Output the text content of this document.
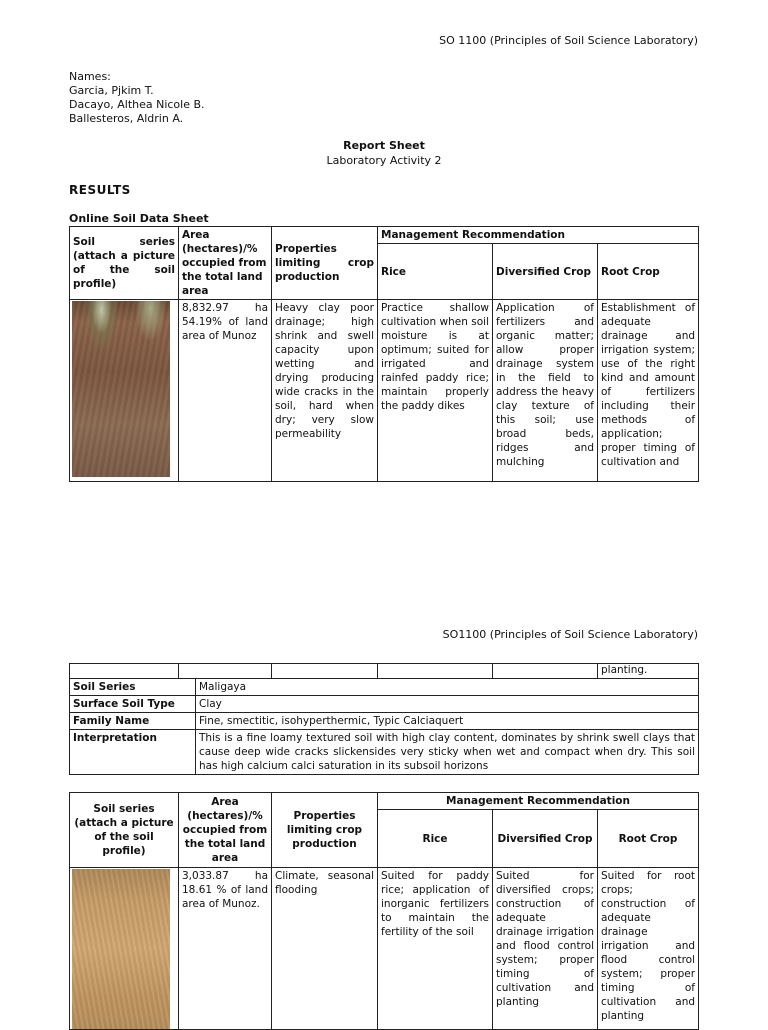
SO 1100 (Principles of Soil Science Laboratory)
Names:
Garcia, Pjkim T.
Dacayo, Althea Nicole B.
Ballesteros, Aldrin A.
Report Sheet
Laboratory Activity 2
RESULTS
Online Soil Data Sheet
Soil series (attach a picture of the soil profile)	Area (hectares)/% occupied from the total land area	Properties limiting crop production	Management Recommendation		
			Rice	Diversified Crop	Root Crop

	8,832.97 ha 54.19% of land area of Munoz	Heavy clay poor drainage; high shrink and swell capacity upon wetting and drying producing wide cracks in the soil, hard when dry; very slow permeability	Practice shallow cultivation when soil moisture is at optimum; suited for irrigated and rainfed paddy rice; maintain properly the paddy dikes	Application of fertilizers and organic matter; allow proper drainage system in the field to address the heavy clay texture of this soil; use broad beds, ridges and mulching	Establishment of adequate drainage and irrigation system; use of the right kind and amount of fertilizers including their methods of application; proper timing of cultivation and
SO1100 (Principles of Soil Science Laboratory)
					planting.
Soil Series	Maligaya
Surface Soil Type	Clay
Family Name	Fine, smectitic, isohyperthermic, Typic Calciaquert
Interpretation	This is a fine loamy textured soil with high clay content, dominates by shrink swell clays that cause deep wide cracks slickensides very sticky when wet and compact when dry. This soil has high calcium calci saturation in its subsoil horizons
Soil series (attach a picture of the soil profile)	Area (hectares)/% occupied from the total land area	Properties limiting crop production	Management Recommendation		
			Rice	Diversified Crop	Root Crop

	3,033.87 ha 18.61 % of land area of Munoz.	Climate, seasonal flooding	Suited for paddy rice; application of inorganic fertilizers to maintain the fertility of the soil	Suited for diversified crops; construction of adequate drainage irrigation and flood control system; proper timing of cultivation and planting	Suited for root crops; construction of adequate drainage irrigation and flood control system; proper timing of cultivation and planting
